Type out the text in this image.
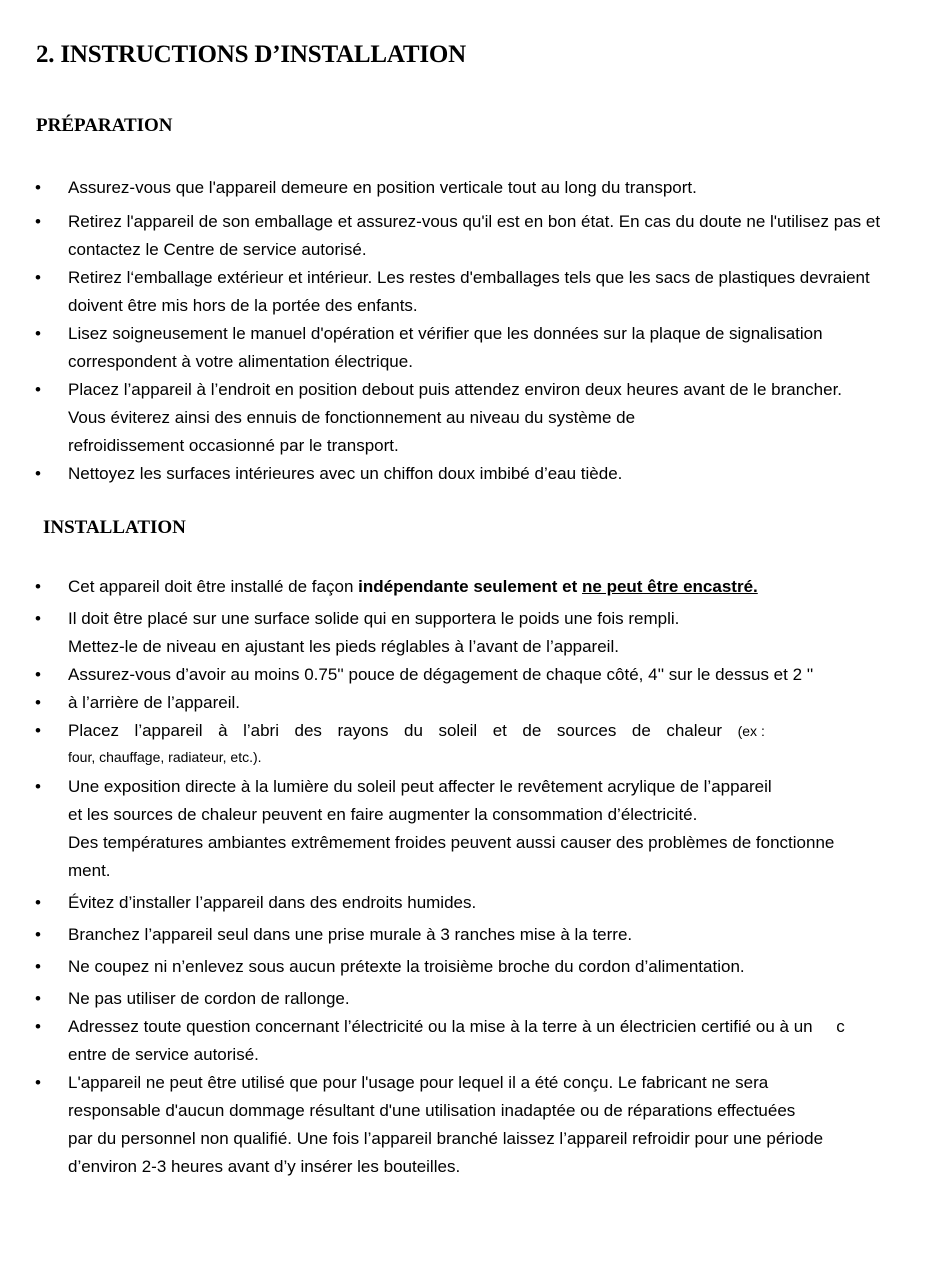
2. INSTRUCTIONS D’INSTALLATION
PRÉPARATION
• Assurez-vous que l'appareil demeure en position verticale tout au long du transport.
• Retirez l'appareil de son emballage et assurez-vous qu'il est en bon état. En cas du doute ne l'utilisez pas et
contactez le Centre de service autorisé.
• Retirez l‘emballage extérieur et intérieur. Les restes d'emballages tels que les sacs de plastiques devraient
doivent être mis hors de la portée des enfants.
• Lisez soigneusement le manuel d'opération et vérifier que les données sur la plaque de signalisation
correspondent à votre alimentation électrique.
• Placez l’appareil à l’endroit en position debout puis attendez environ deux heures avant de le brancher.
Vous éviterez ainsi des ennuis de fonctionnement au niveau du système de
refroidissement occasionné par le transport.
• Nettoyez les surfaces intérieures avec un chiffon doux imbibé d’eau tiède.
INSTALLATION
• Cet appareil doit être installé de façon indépendante seulement et ne peut être encastré.
• Il doit être placé sur une surface solide qui en supportera le poids une fois rempli.
Mettez-le de niveau en ajustant les pieds réglables à l’avant de l’appareil.
• Assurez-vous d’avoir au moins 0.75'' pouce de dégagement de chaque côté, 4'' sur le dessus et 2 ''
• à l’arrière de l’appareil.
• Placez l’appareil à l’abri des rayons du soleil et de sources de chaleur (ex :
four, chauffage, radiateur, etc.).
• Une exposition directe à la lumière du soleil peut affecter le revêtement acrylique de l’appareil
et les sources de chaleur peuvent en faire augmenter la consommation d’électricité.
Des températures ambiantes extrêmement froides peuvent aussi causer des problèmes de fonctionne
ment.
• Évitez d’installer l’appareil dans des endroits humides.
• Branchez l’appareil seul dans une prise murale à 3 ranches mise à la terre.
• Ne coupez ni n’enlevez sous aucun prétexte la troisième broche du cordon d’alimentation.
• Ne pas utiliser de cordon de rallonge.
• Adressez toute question concernant l’électricité ou la mise à la terre à un électricien certifié ou à un     c
entre de service autorisé.
• L'appareil ne peut être utilisé que pour l'usage pour lequel il a été conçu. Le fabricant ne sera
responsable d'aucun dommage résultant d'une utilisation inadaptée ou de réparations effectuées
par du personnel non qualifié. Une fois l’appareil branché laissez l’appareil refroidir pour une période
d’environ 2-3 heures avant d’y insérer les bouteilles.
